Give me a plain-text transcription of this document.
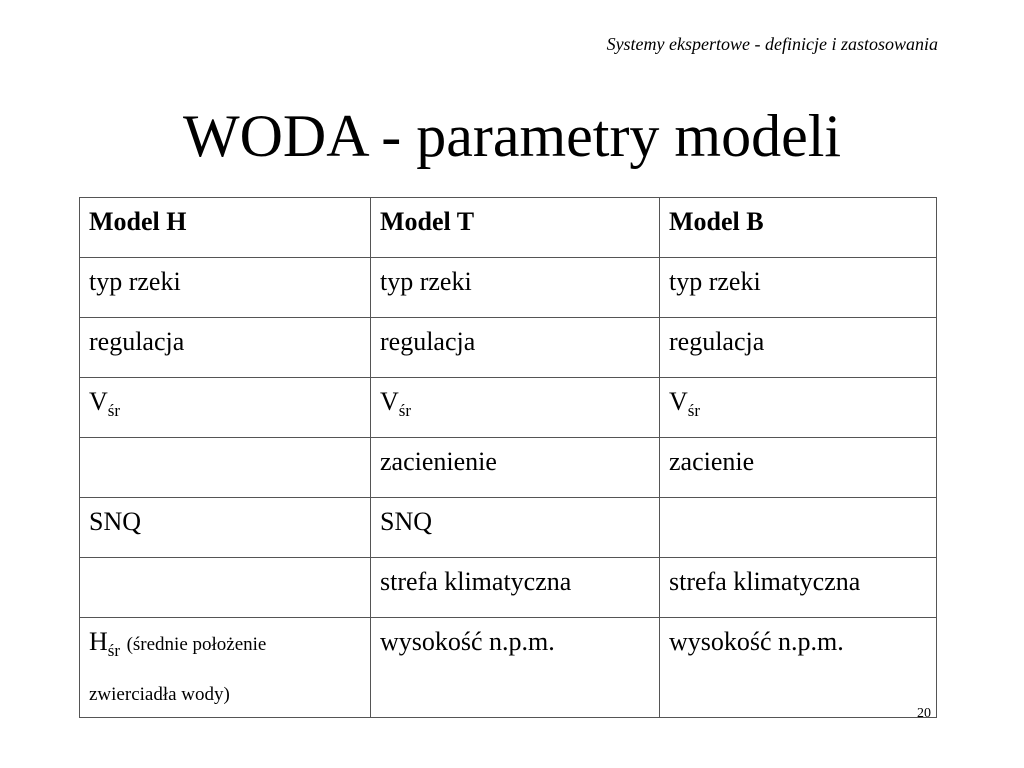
Systemy ekspertowe - definicje i zastosowania
WODA - parametry modeli
Model H	Model T	Model B
typ rzeki	typ rzeki	typ rzeki
regulacja	regulacja	regulacja
$V_{śr}$	$V_{śr}$	$V_{śr}$
	zacienienie	zacienie
SNQ	SNQ	
	strefa klimatyczna	strefa klimatyczna
$H_{śr}$ (średnie położenie
zwierciadła wody)	wysokość n.p.m.	wysokość n.p.m.
20
